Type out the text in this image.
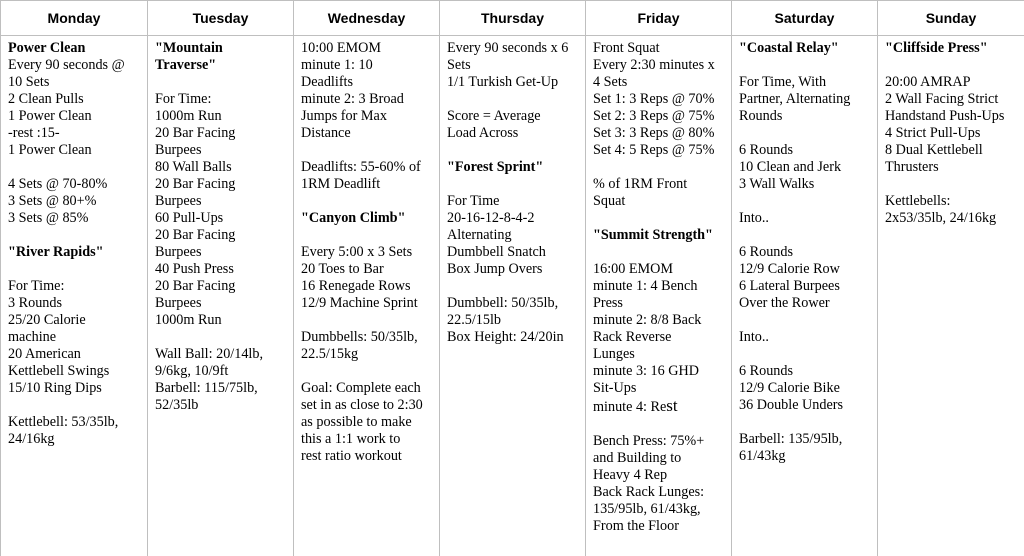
Monday
Power Clean
Every 90 seconds @
10 Sets
2 Clean Pulls
1 Power Clean
-rest :15-
1 Power Clean
4 Sets @ 70-80%
3 Sets @ 80+%
3 Sets @ 85%
"River Rapids"
For Time:
3 Rounds
25/20 Calorie
machine
20 American
Kettlebell Swings
15/10 Ring Dips
Kettlebell: 53/35lb,
24/16kg
Tuesday
"Mountain
Traverse"
For Time:
1000m Run
20 Bar Facing
Burpees
80 Wall Balls
20 Bar Facing
Burpees
60 Pull-Ups
20 Bar Facing
Burpees
40 Push Press
20 Bar Facing
Burpees
1000m Run
Wall Ball: 20/14lb,
9/6kg, 10/9ft
Barbell: 115/75lb,
52/35lb
Wednesday
10:00 EMOM
minute 1: 10
Deadlifts
minute 2: 3 Broad
Jumps for Max
Distance
Deadlifts: 55-60% of
1RM Deadlift
"Canyon Climb"
Every 5:00 x 3 Sets
20 Toes to Bar
16 Renegade Rows
12/9 Machine Sprint
Dumbbells: 50/35lb,
22.5/15kg
Goal: Complete each
set in as close to 2:30
as possible to make
this a 1:1 work to
rest ratio workout
Thursday
Every 90 seconds x 6
Sets
1/1 Turkish Get-Up
Score = Average
Load Across
"Forest Sprint"
For Time
20-16-12-8-4-2
Alternating
Dumbbell Snatch
Box Jump Overs
Dumbbell: 50/35lb,
22.5/15lb
Box Height: 24/20in
Friday
Front Squat
Every 2:30 minutes x
4 Sets
Set 1: 3 Reps @ 70%
Set 2: 3 Reps @ 75%
Set 3: 3 Reps @ 80%
Set 4: 5 Reps @ 75%
% of 1RM Front
Squat
"Summit Strength"
16:00 EMOM
minute 1: 4 Bench
Press
minute 2: 8/8 Back
Rack Reverse
Lunges
minute 3: 16 GHD
Sit-Ups
minute 4: Rest
Bench Press: 75%+
and Building to
Heavy 4 Rep
Back Rack Lunges:
135/95lb, 61/43kg,
From the Floor
Saturday
"Coastal Relay"
For Time, With
Partner, Alternating
Rounds
6 Rounds
10 Clean and Jerk
3 Wall Walks
Into..
6 Rounds
12/9 Calorie Row
6 Lateral Burpees
Over the Rower
Into..
6 Rounds
12/9 Calorie Bike
36 Double Unders
Barbell: 135/95lb,
61/43kg
Sunday
"Cliffside Press"
20:00 AMRAP
2 Wall Facing Strict
Handstand Push-Ups
4 Strict Pull-Ups
8 Dual Kettlebell
Thrusters
Kettlebells:
2x53/35lb, 24/16kg
